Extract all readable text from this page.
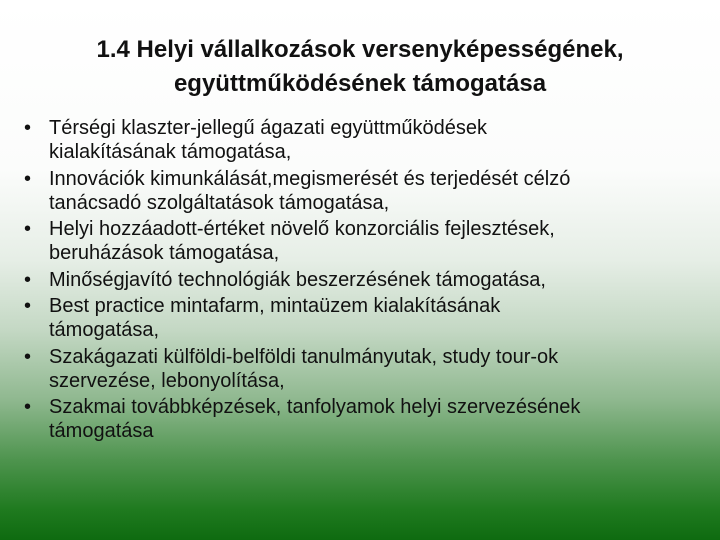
1.4 Helyi vállalkozások versenyképességének,
együttműködésének támogatása
• Térségi klaszter-jellegű ágazati együttműködések
kialakításának támogatása,
• Innovációk kimunkálását,megismerését és terjedését célzó
tanácsadó szolgáltatások támogatása,
• Helyi hozzáadott-értéket növelő konzorciális fejlesztések,
beruházások támogatása,
• Minőségjavító technológiák beszerzésének támogatása,
• Best practice mintafarm, mintaüzem kialakításának
támogatása,
• Szakágazati külföldi-belföldi tanulmányutak, study tour-ok
szervezése, lebonyolítása,
• Szakmai továbbképzések, tanfolyamok helyi szervezésének
támogatása
